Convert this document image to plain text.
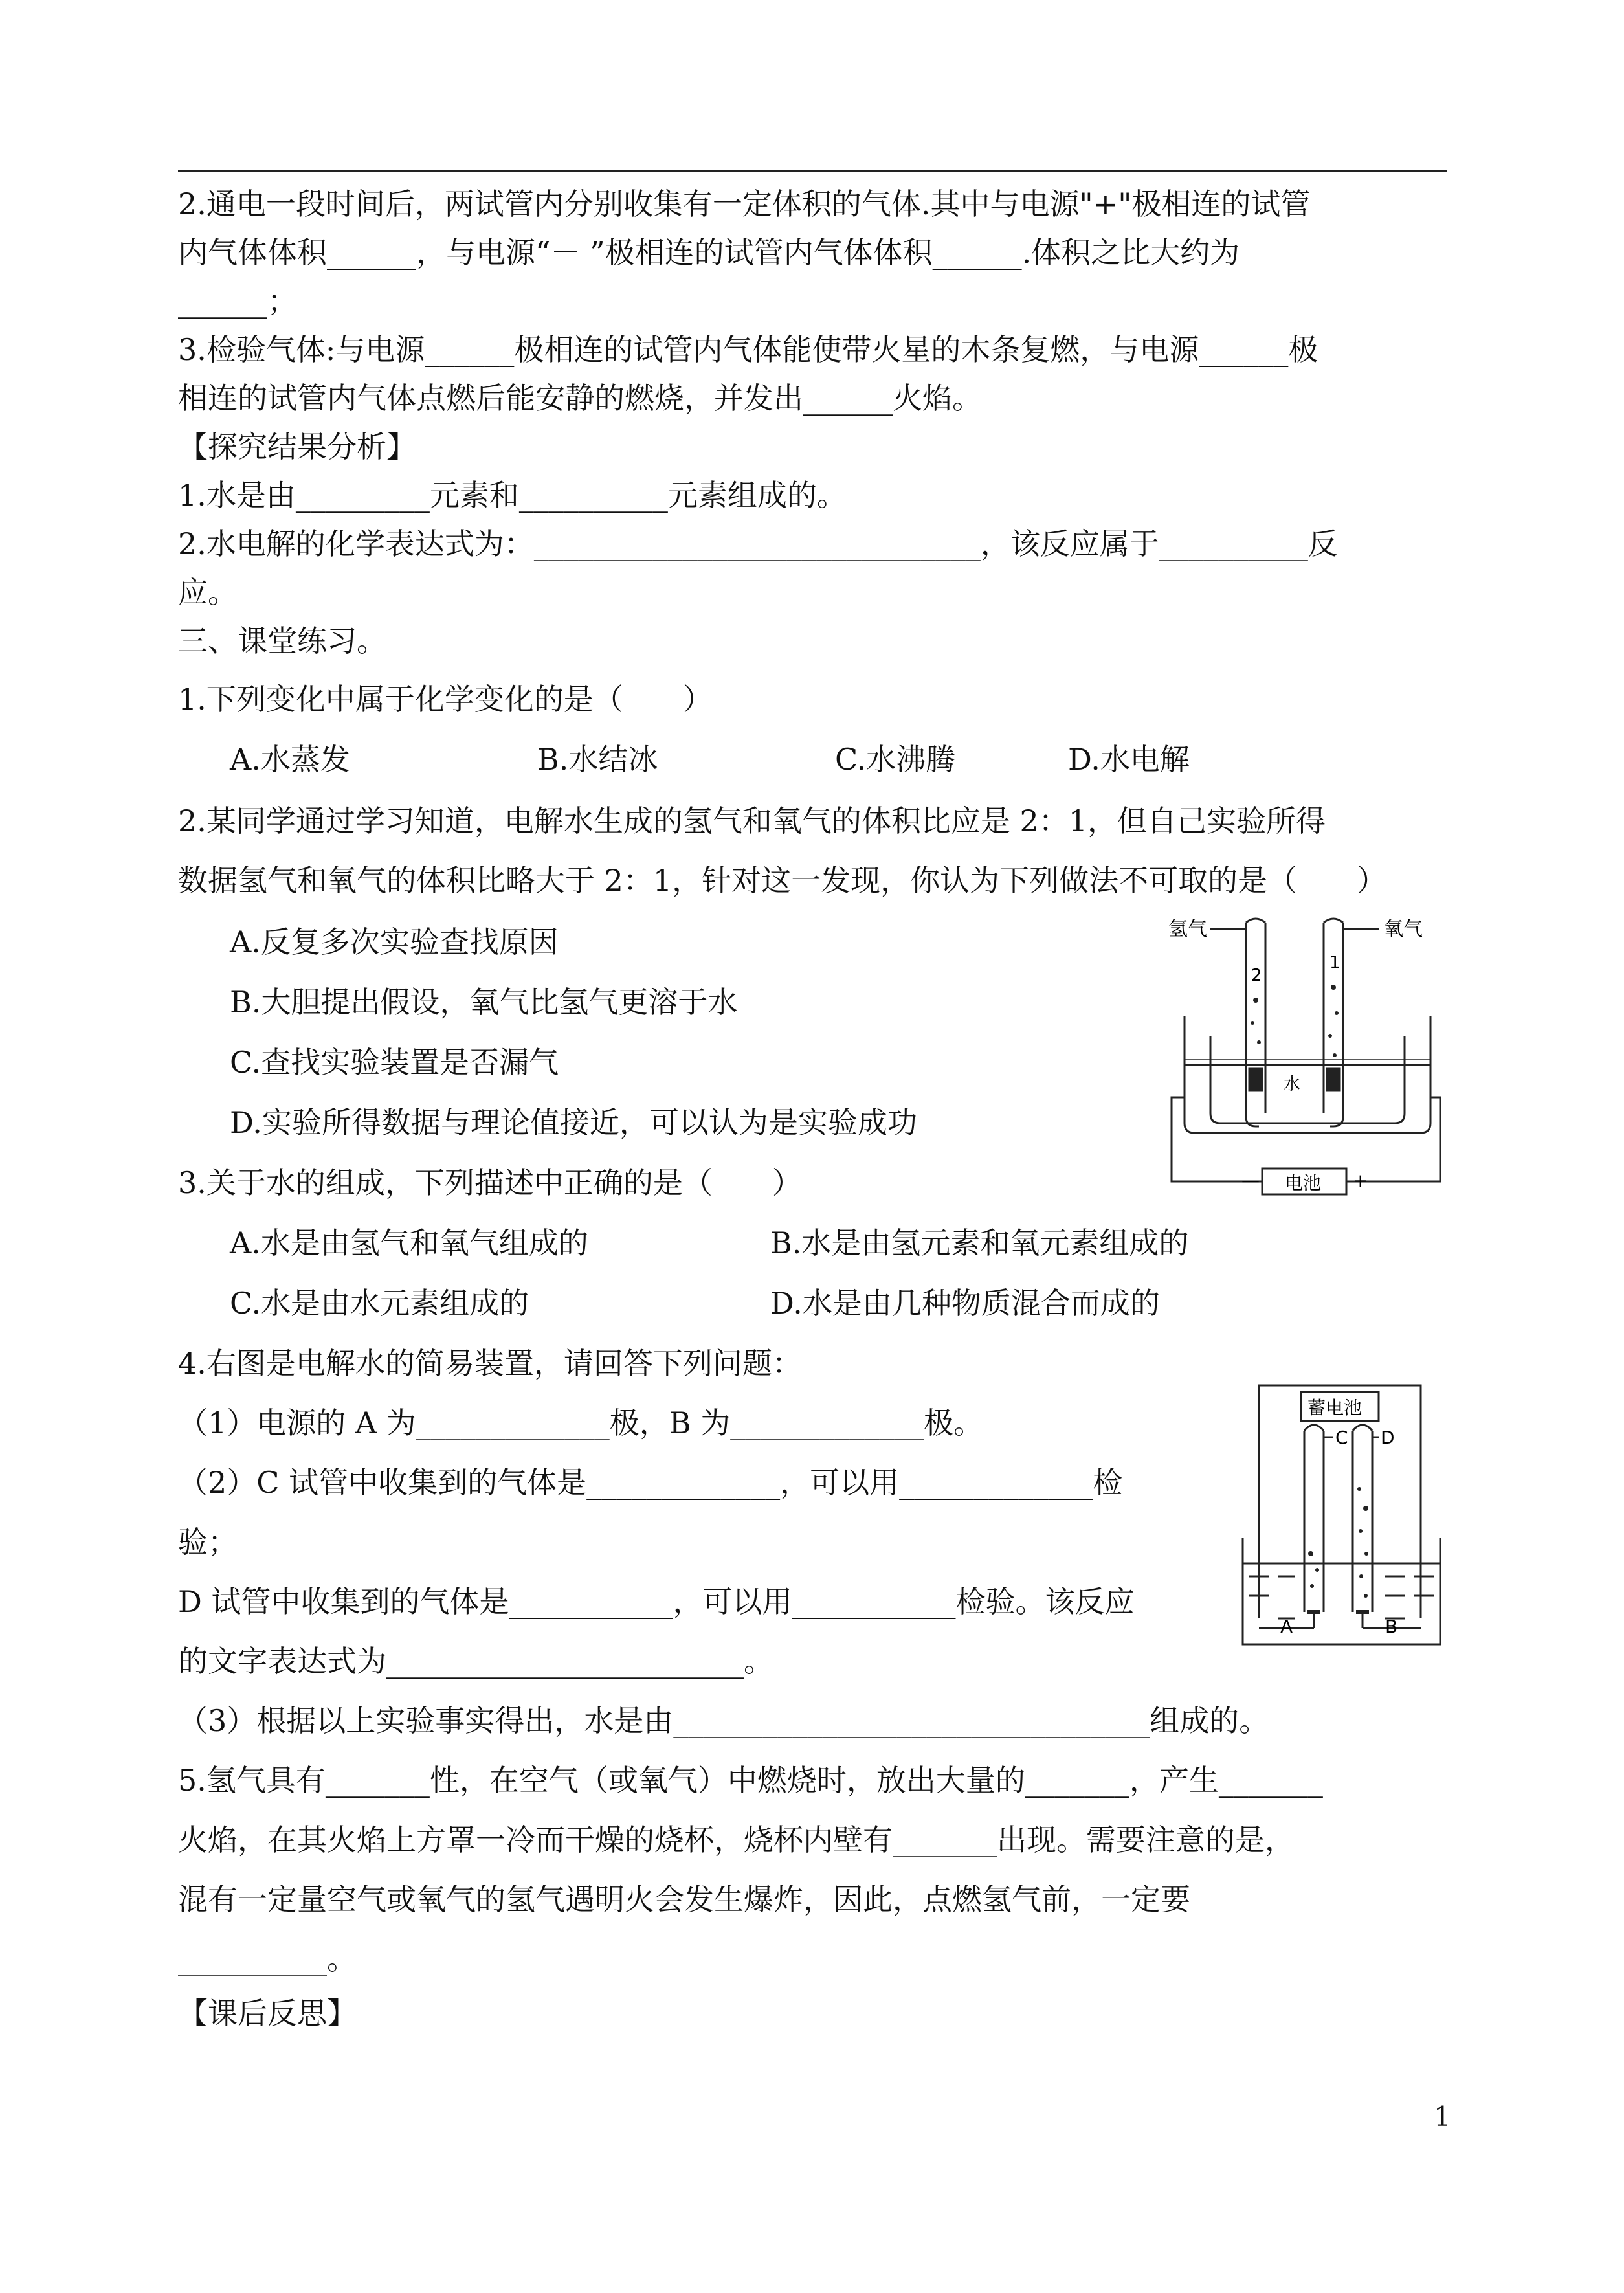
2.通电一段时间后，两试管内分别收集有一定体积的气体.其中与电源"+"极相连的试管
内气体体积______，与电源“－ ”极相连的试管内气体体积______.体积之比大约为
______；
3.检验气体:与电源______极相连的试管内气体能使带火星的木条复燃，与电源______极
相连的试管内气体点燃后能安静的燃烧，并发出______火焰。
【探究结果分析】
1.水是由_________元素和__________元素组成的。
2.水电解的化学表达式为：______________________________，该反应属于__________反
应。
三、课堂练习。
1.下列变化中属于化学变化的是（　　）
A.水蒸发	B.水结冰	C.水沸腾	D.水电解
2.某同学通过学习知道，电解水生成的氢气和氧气的体积比应是 2：1，但自己实验所得
数据氢气和氧气的体积比略大于 2：1，针对这一发现，你认为下列做法不可取的是（　　）
A.反复多次实验查找原因
B.大胆提出假设，氧气比氢气更溶于水
C.查找实验装置是否漏气
D.实验所得数据与理论值接近，可以认为是实验成功
3.关于水的组成，下列描述中正确的是（　　）
A.水是由氢气和氧气组成的	B.水是由氢元素和氧元素组成的
C.水是由水元素组成的	D.水是由几种物质混合而成的
4.右图是电解水的简易装置，请回答下列问题：
（1）电源的 A 为_____________极，B 为_____________极。
（2）C 试管中收集到的气体是_____________，可以用_____________检
验；
D 试管中收集到的气体是___________，可以用___________检验。该反应
的文字表达式为________________________。
（3）根据以上实验事实得出，水是由________________________________组成的。
5.氢气具有_______性，在空气（或氧气）中燃烧时，放出大量的_______，产生_______
火焰，在其火焰上方罩一冷而干燥的烧杯，烧杯内壁有_______出现。需要注意的是，
混有一定量空气或氧气的氢气遇明火会发生爆炸，因此，点燃氢气前，一定要
__________。
【课后反思】
1
氢气	氧气
2
1
水
电池
—	+
蓄电池
C D
A	B
